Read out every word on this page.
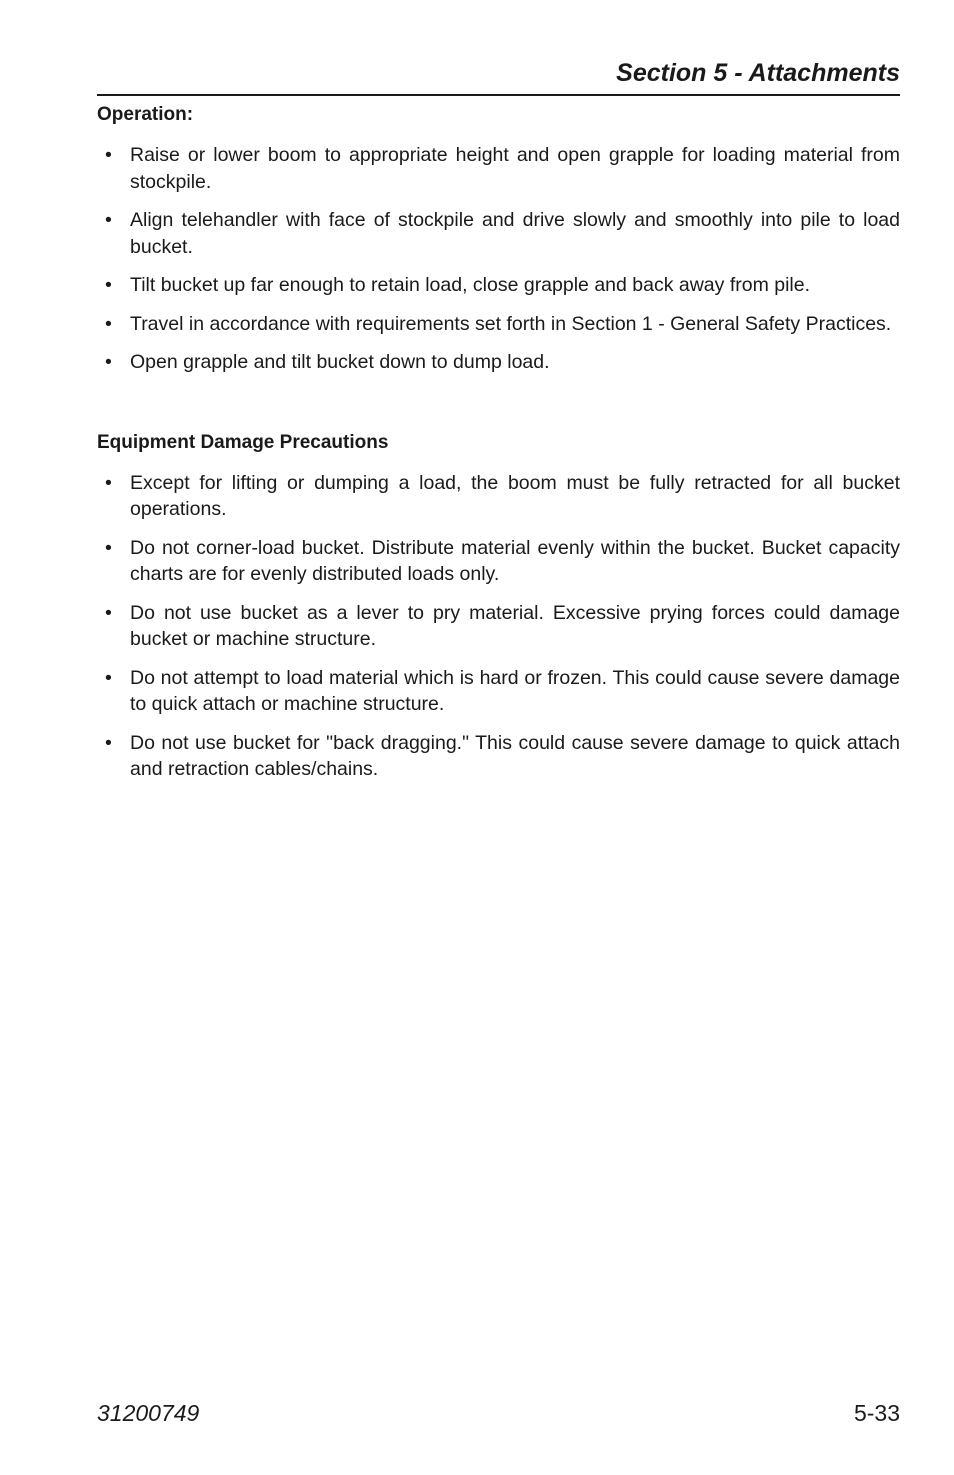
Section 5 - Attachments
Operation:
• Raise or lower boom to appropriate height and open grapple for loading material from stockpile.
• Align telehandler with face of stockpile and drive slowly and smoothly into pile to load bucket.
• Tilt bucket up far enough to retain load, close grapple and back away from pile.
• Travel in accordance with requirements set forth in Section 1 - General Safety Practices.
• Open grapple and tilt bucket down to dump load.
Equipment Damage Precautions
• Except for lifting or dumping a load, the boom must be fully retracted for all bucket operations.
• Do not corner-load bucket. Distribute material evenly within the bucket. Bucket capacity charts are for evenly distributed loads only.
• Do not use bucket as a lever to pry material. Excessive prying forces could damage bucket or machine structure.
• Do not attempt to load material which is hard or frozen. This could cause severe damage to quick attach or machine structure.
• Do not use bucket for "back dragging." This could cause severe damage to quick attach and retraction cables/chains.
31200749	5-33
